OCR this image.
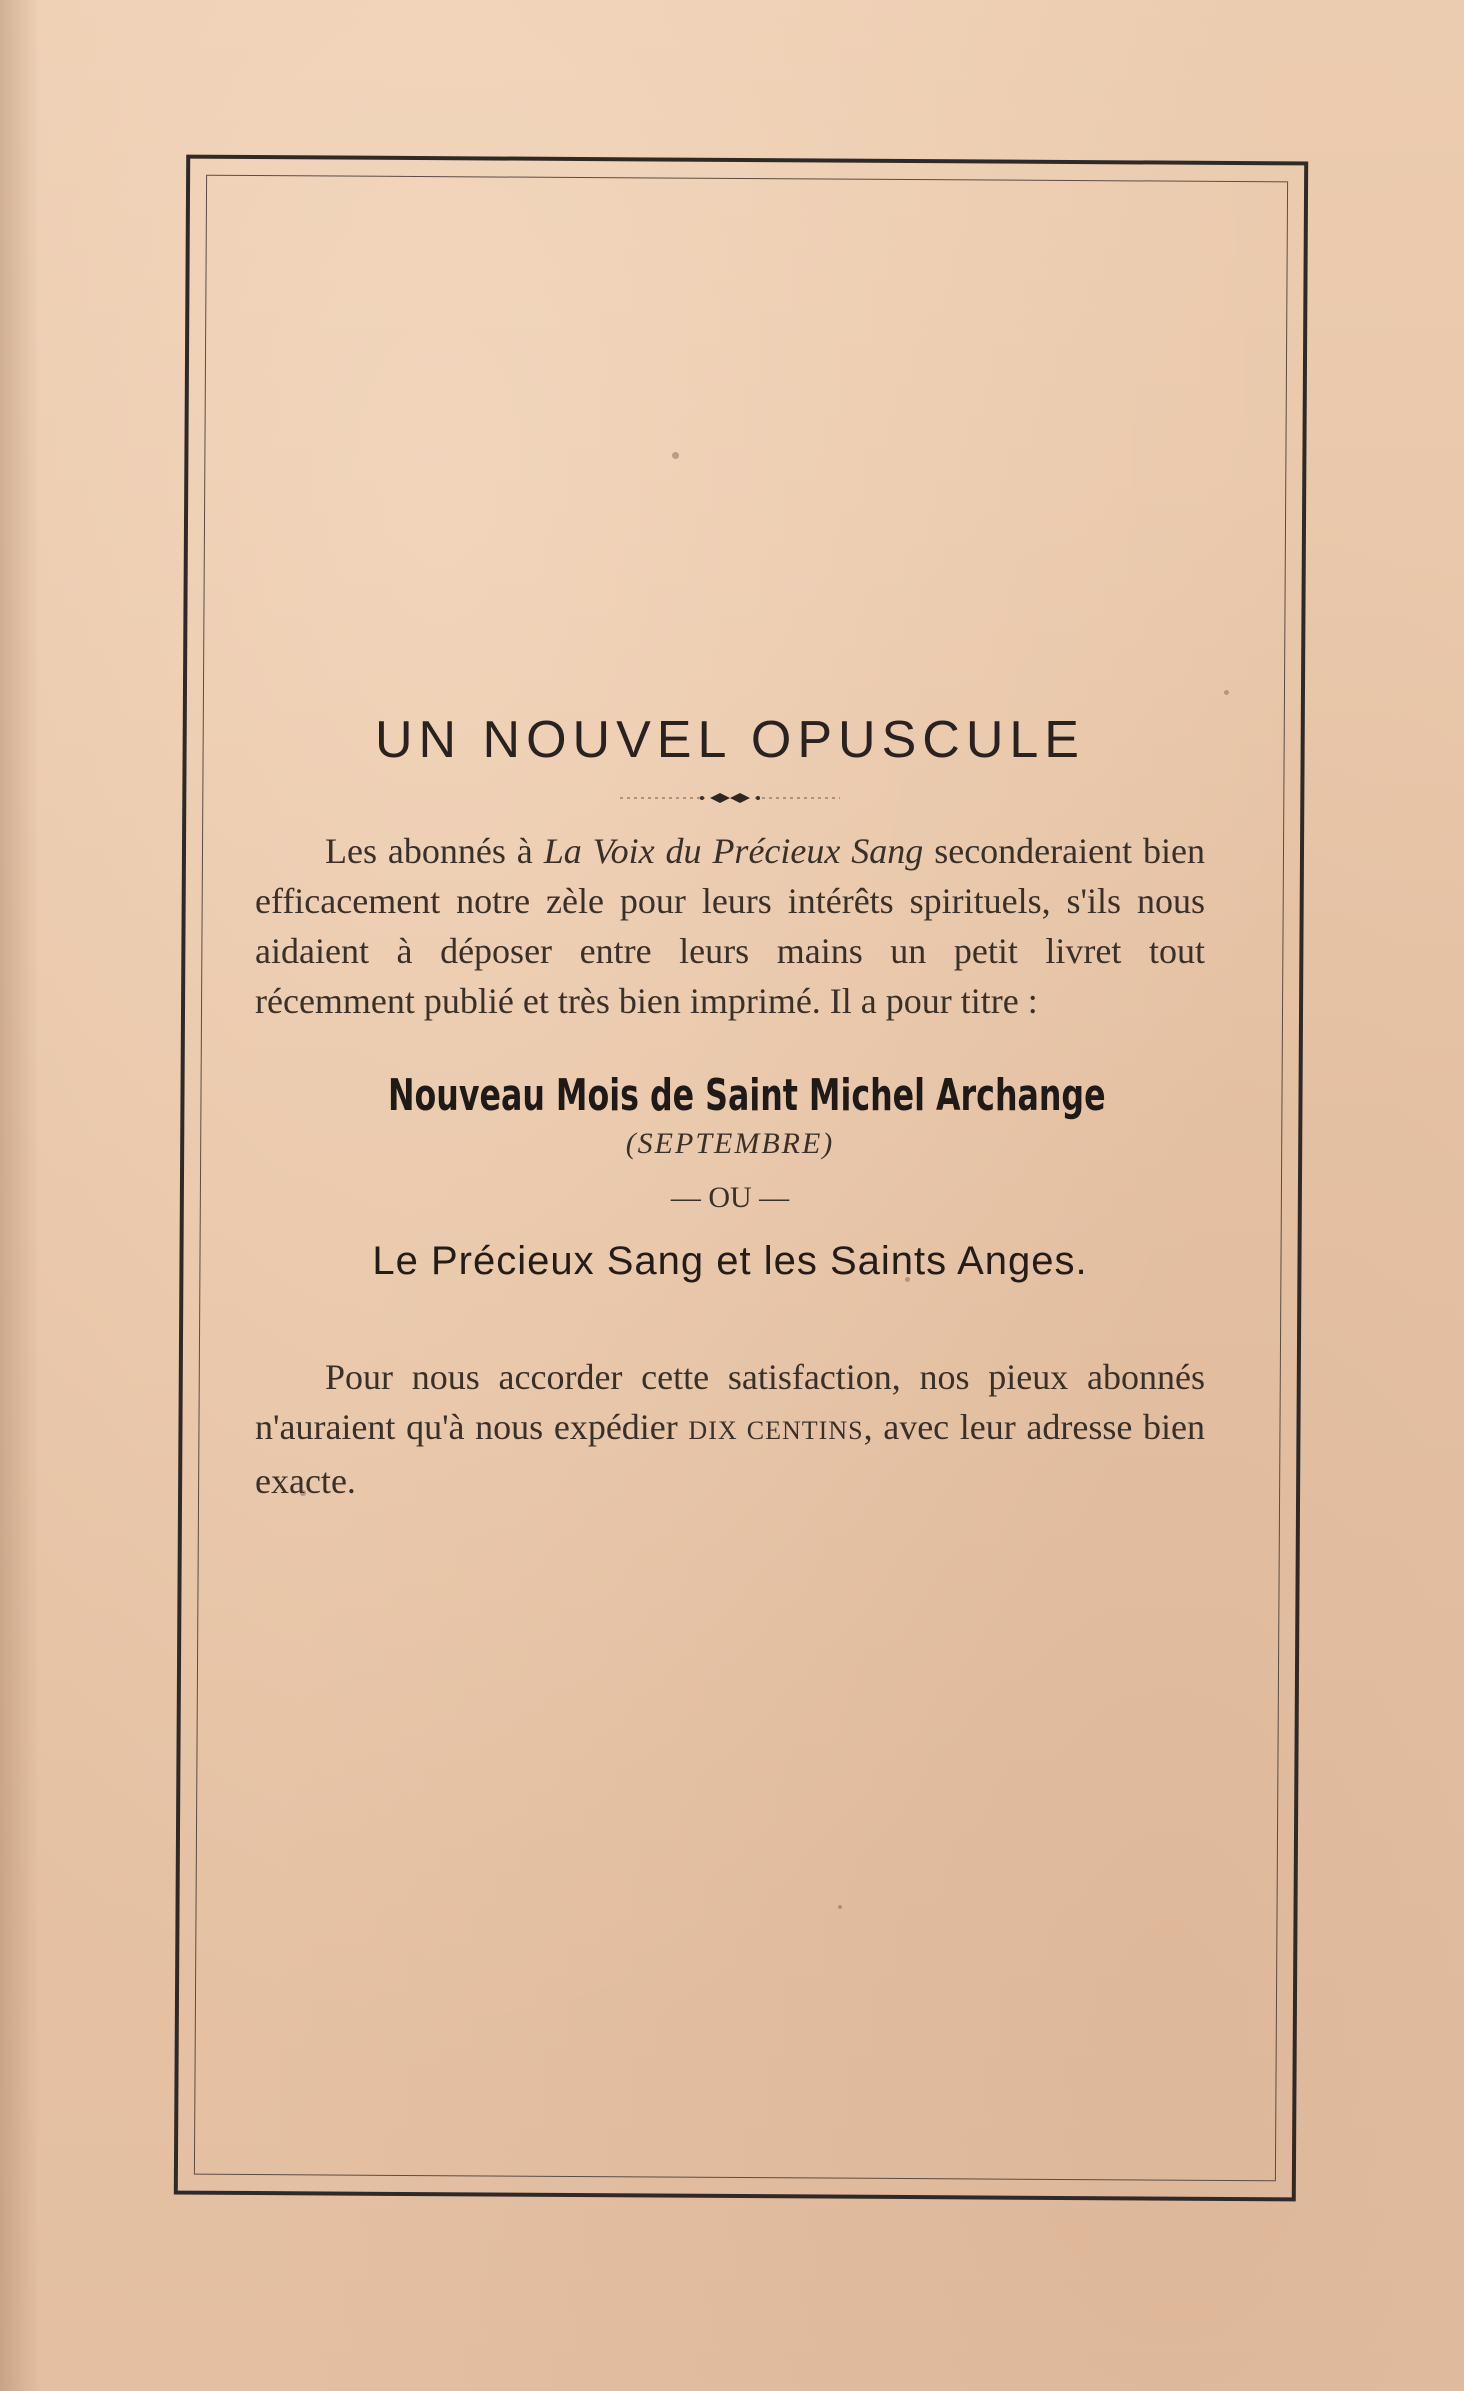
UN NOUVEL OPUSCULE

Les abonnés à La Voix du Précieux Sang seconderaient bien efficacement notre zèle pour leurs intérêts spirituels, s'ils nous aidaient à déposer entre leurs mains un petit livret tout récemment publié et très bien imprimé. Il a pour titre :

Nouveau Mois de Saint Michel Archange
(SEPTEMBRE)
— OU —
Le Précieux Sang et les Saints Anges.

Pour nous accorder cette satisfaction, nos pieux abonnés n'auraient qu'à nous expédier DIX CENTINS, avec leur adresse bien exacte.
